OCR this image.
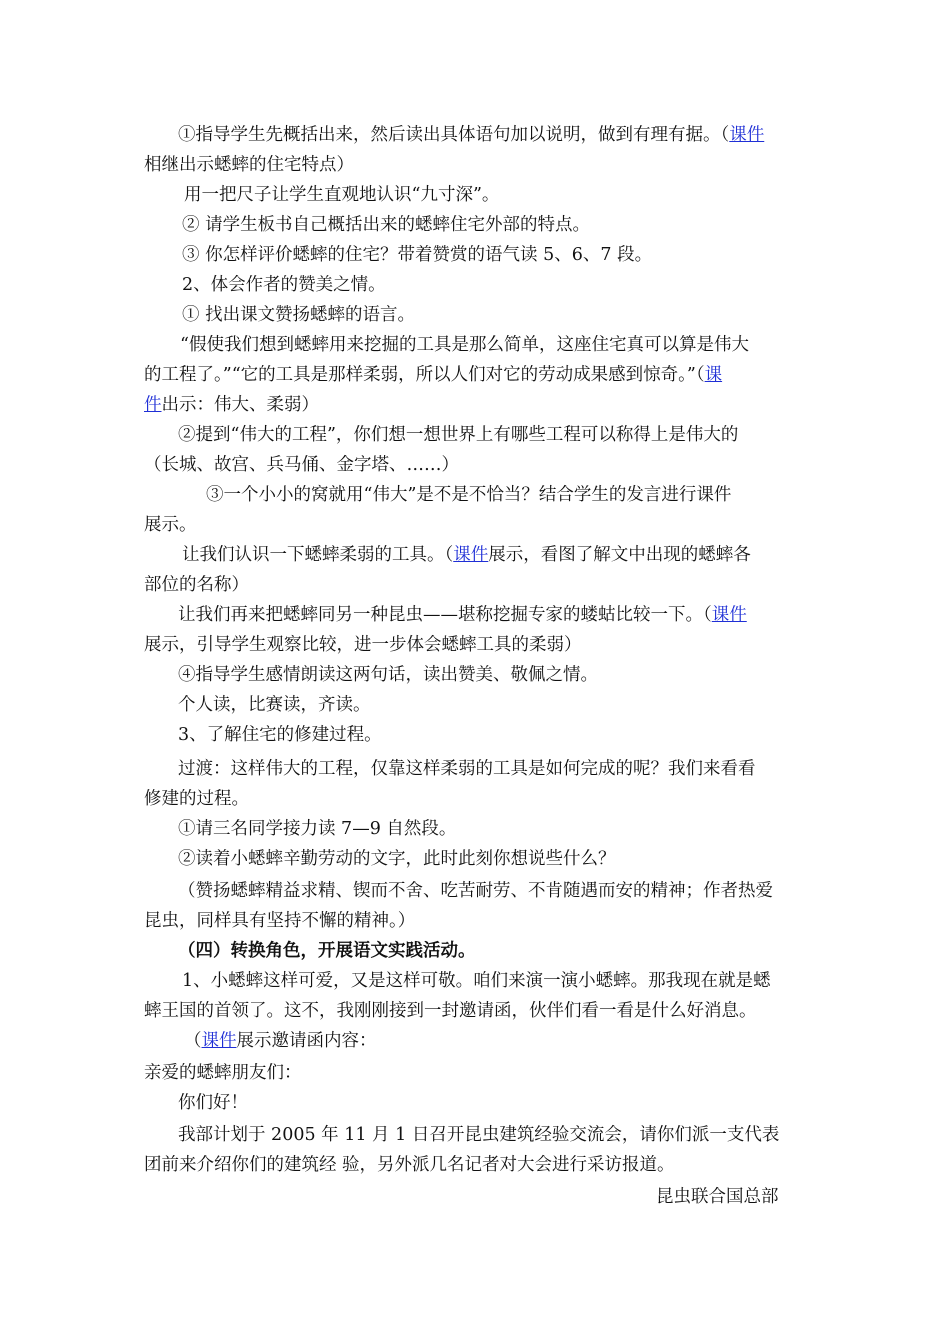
①指导学生先概括出来，然后读出具体语句加以说明，做到有理有据。（课件
相继出示蟋蟀的住宅特点）
用一把尺子让学生直观地认识“九寸深”。
② 请学生板书自己概括出来的蟋蟀住宅外部的特点。
③ 你怎样评价蟋蟀的住宅？带着赞赏的语气读 5、6、7 段。
2、体会作者的赞美之情。
① 找出课文赞扬蟋蟀的语言。
“假使我们想到蟋蟀用来挖掘的工具是那么简单，这座住宅真可以算是伟大
的工程了。”“它的工具是那样柔弱，所以人们对它的劳动成果感到惊奇。”（课
件出示：伟大、柔弱）
②提到“伟大的工程”，你们想一想世界上有哪些工程可以称得上是伟大的
（长城、故宫、兵马俑、金字塔、……）
③一个小小的窝就用“伟大”是不是不恰当？结合学生的发言进行课件
展示。
让我们认识一下蟋蟀柔弱的工具。（课件展示，看图了解文中出现的蟋蟀各
部位的名称）
让我们再来把蟋蟀同另一种昆虫——堪称挖掘专家的蝼蛄比较一下。（课件
展示，引导学生观察比较，进一步体会蟋蟀工具的柔弱）
④指导学生感情朗读这两句话，读出赞美、敬佩之情。
个人读，比赛读，齐读。
3、了解住宅的修建过程。
过渡：这样伟大的工程，仅靠这样柔弱的工具是如何完成的呢？我们来看看
修建的过程。
①请三名同学接力读 7—9 自然段。
②读着小蟋蟀辛勤劳动的文字，此时此刻你想说些什么？
（赞扬蟋蟀精益求精、锲而不舍、吃苦耐劳、不肯随遇而安的精神；作者热爱
昆虫，同样具有坚持不懈的精神。）
（四）转换角色，开展语文实践活动。
1、小蟋蟀这样可爱，又是这样可敬。咱们来演一演小蟋蟀。那我现在就是蟋
蟀王国的首领了。这不，我刚刚接到一封邀请函，伙伴们看一看是什么好消息。
（课件展示邀请函内容：
亲爱的蟋蟀朋友们：
你们好！
我部计划于 2005 年 11 月 1 日召开昆虫建筑经验交流会，请你们派一支代表
团前来介绍你们的建筑经 验，另外派几名记者对大会进行采访报道。
昆虫联合国总部
